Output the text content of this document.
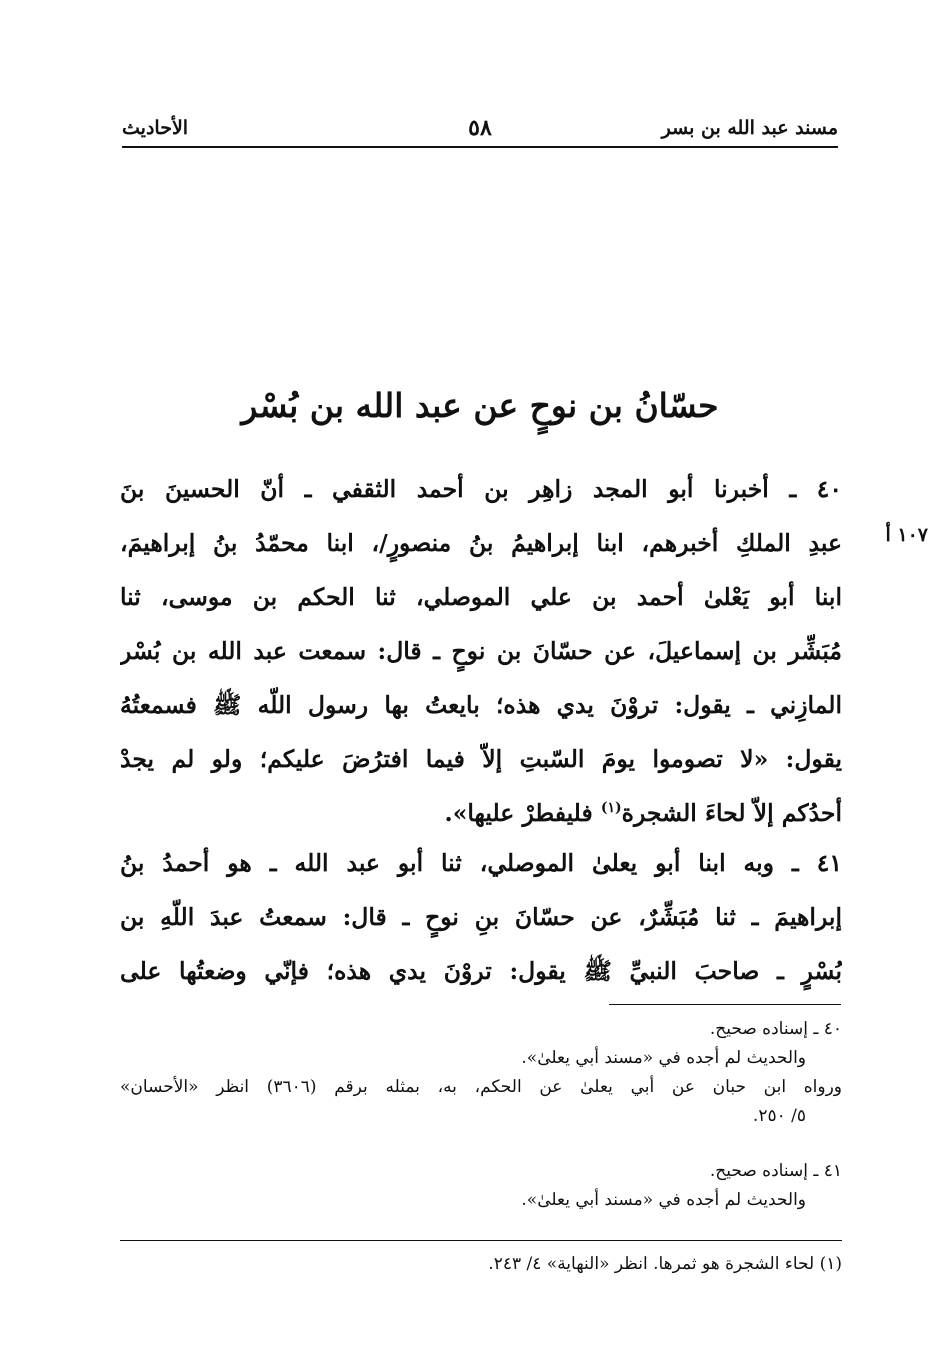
مسند عبد الله بن بسر
٥٨
الأحاديث
حسّانُ بن نوحٍ عن عبد الله بن بُسْر
١٠٧ أ
٤٠ ـ أخبرنا أبو المجد زاهِر بن أحمد الثقفي ـ أنّ الحسينَ بنَ
عبدِ الملكِ أخبرهم، ابنا إبراهيمُ بنُ منصورٍ/، ابنا محمّدُ بنُ إبراهيمَ،
ابنا أبو يَعْلىٰ أحمد بن علي الموصلي، ثنا الحكم بن موسى، ثنا
مُبَشِّر بن إسماعيلَ، عن حسّانَ بن نوحٍ ـ قال: سمعت عبد الله بن بُسْر
المازِني ـ يقول: تروْنَ يدي هذه؛ بايعتُ بها رسول اللّه ﷺ فسمعتُهُ
يقول: «لا تصوموا يومَ السّبتِ إلاّ فيما افترُضَ عليكم؛ ولو لم يجدْ
أحدُكم إلاّ لحاءَ الشجرة$^{(١)}$ فليفطرْ عليها».
٤١ ـ وبه ابنا أبو يعلىٰ الموصلي، ثنا أبو عبد الله ـ هو أحمدُ بنُ
إبراهيمَ ـ ثنا مُبَشِّرٌ، عن حسّانَ بنِ نوحٍ ـ قال: سمعتُ عبدَ اللّهِ بن
بُسْرٍ ـ صاحبَ النبيِّ ﷺ يقول: تروْنَ يدي هذه؛ فإنّي وضعتُها على
٤٠ ـ إسناده صحيح.
والحديث لم أجده في «مسند أبي يعلىٰ».
ورواه ابن حبان عن أبي يعلىٰ عن الحكم، به، بمثله برقم (٣٦٠٦) انظر «الأحسان»
٥/ ٢٥٠.
٤١ ـ إسناده صحيح.
والحديث لم أجده في «مسند أبي يعلىٰ».
(١) لحاء الشجرة هو ثمرها. انظر «النهاية» ٤/ ٢٤٣.
